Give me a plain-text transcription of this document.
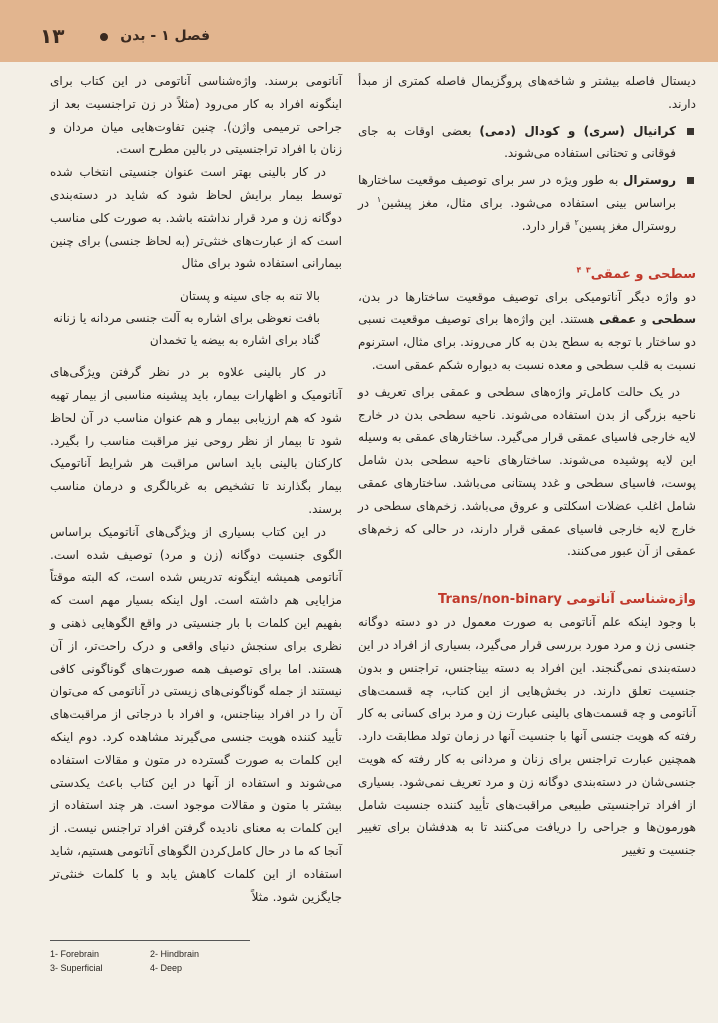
فصل ۱ - بدن
۱۳

دیستال فاصله بیشتر و شاخه‌های پروگزیمال فاصله کمتری از مبدأ دارند.

کرانیال (سری) و کودال (دمی) بعضی اوقات به جای فوقانی و تحتانی استفاده می‌شوند.

روسترال به طور ویژه در سر برای توصیف موقعیت ساختارها براساس بینی استفاده می‌شود. برای مثال، مغز پیشین$^۱$ در روسترال مغز پسین$^۲$ قرار دارد.

سطحی و عمقی$^۳$ $^۴$

دو واژه دیگر آناتومیکی برای توصیف موقعیت ساختارها در بدن، سطحی و عمقی هستند. این واژه‌ها برای توصیف موقعیت نسبی دو ساختار با توجه به سطح بدن به کار می‌روند. برای مثال، استرنوم نسبت به قلب سطحی و معده نسبت به دیواره شکم عمقی است.

در یک حالت کامل‌تر واژه‌های سطحی و عمقی برای تعریف دو ناحیه بزرگی از بدن استفاده می‌شوند. ناحیه سطحی بدن در خارج لایه خارجی فاسیای عمقی قرار می‌گیرد. ساختارهای عمقی به وسیله این لایه پوشیده می‌شوند. ساختارهای ناحیه سطحی بدن شامل پوست، فاسیای سطحی و غدد پستانی می‌باشد. ساختارهای عمقی شامل اغلب عضلات اسکلتی و عروق می‌باشد. زخم‌های سطحی در خارج لایه خارجی فاسیای عمقی قرار دارند، در حالی که زخم‌های عمقی از آن عبور می‌کنند.

واژه‌شناسی آناتومی Trans/non-binary

با وجود اینکه علم آناتومی به صورت معمول در دو دسته دوگانه جنسی زن و مرد مورد بررسی قرار می‌گیرد، بسیاری از افراد در این دسته‌بندی نمی‌گنجند. این افراد به دسته بیناجنس، تراجنس و بدون جنسیت تعلق دارند. در بخش‌هایی از این کتاب، چه قسمت‌های آناتومی و چه قسمت‌های بالینی عبارت زن و مرد برای کسانی به کار رفته که هویت جنسی آنها با جنسیت آنها در زمان تولد مطابقت دارد. همچنین عبارت تراجنس برای زنان و مردانی به کار رفته که هویت جنسی‌شان در دسته‌بندی دوگانه زن و مرد تعریف نمی‌شود. بسیاری از افراد تراجنسیتی طبیعی مراقبت‌های تأیید کننده جنسیت شامل هورمون‌ها و جراحی را دریافت می‌کنند تا به هدفشان برای تغییر جنسیت و تغییر

آناتومی برسند. واژه‌شناسی آناتومی در این کتاب برای اینگونه افراد به کار می‌رود (مثلاً در زن تراجنسیت بعد از جراحی ترمیمی واژن). چنین تفاوت‌هایی میان مردان و زنان با افراد تراجنسیتی در بالین مطرح است.

در کار بالینی بهتر است عنوان جنسیتی انتخاب شده توسط بیمار برایش لحاظ شود که شاید در دسته‌بندی دوگانه زن و مرد قرار نداشته باشد. به صورت کلی مناسب است که از عبارت‌های خنثی‌تر (به لحاظ جنسی) برای چنین بیمارانی استفاده شود برای مثال

بالا تنه به جای سینه و پستان

بافت نعوظی برای اشاره به آلت جنسی مردانه یا زنانه

گناد برای اشاره به بیضه یا تخمدان

در کار بالینی علاوه بر در نظر گرفتن ویژگی‌های آناتومیک و اظهارات بیمار، باید پیشینه مناسبی از بیمار تهیه شود که هم ارزیابی بیمار و هم عنوان مناسب در آن لحاظ شود تا بیمار از نظر روحی نیز مراقبت مناسب را بگیرد. کارکنان بالینی باید اساس مراقبت هر شرایط آناتومیک بیمار بگذارند تا تشخیص به غربالگری و درمان مناسب برسند.

در این کتاب بسیاری از ویژگی‌های آناتومیک براساس الگوی جنسیت دوگانه (زن و مرد) توصیف شده است. آناتومی همیشه اینگونه تدریس شده است، که البته موقتاً مزایایی هم داشته است. اول اینکه بسیار مهم است که بفهیم این کلمات با بار جنسیتی در واقع الگوهایی ذهنی و نظری برای سنجش دنیای واقعی و درک راحت‌تر، از آن هستند. اما برای توصیف همه صورت‌های گوناگونی کافی نیستند از جمله گوناگونی‌های زیستی در آناتومی که می‌توان آن را در افراد بیناجنس، و افراد با درجاتی از مراقبت‌های تأیید کننده هویت جنسی می‌گیرند مشاهده کرد. دوم اینکه این کلمات به صورت گسترده در متون و مقالات استفاده می‌شوند و استفاده از آنها در این کتاب باعث یکدستی بیشتر با متون و مقالات موجود است. هر چند استفاده از این کلمات به معنای نادیده گرفتن افراد تراجنس نیست. از آنجا که ما در حال کامل‌کردن الگوهای آناتومی هستیم، شاید استفاده از این کلمات کاهش یابد و با کلمات خنثی‌تر جایگزین شود. مثلاً

1- Forebrain	2- Hindbrain
3- Superficial	4- Deep
